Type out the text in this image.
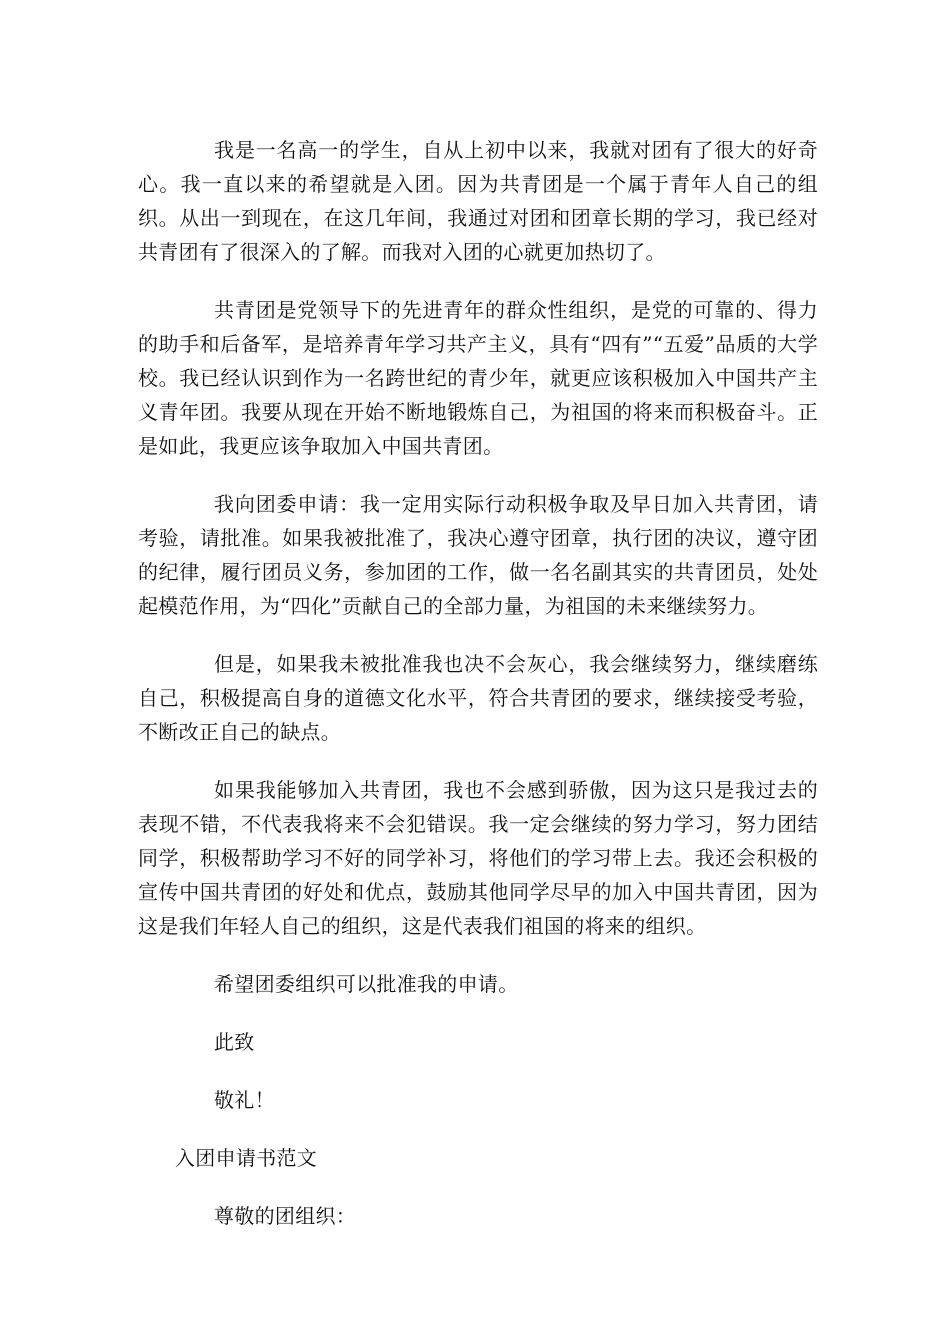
我是一名高一的学生，自从上初中以来，我就对团有了很大的好奇心。我一直以来的希望就是入团。因为共青团是一个属于青年人自己的组织。从出一到现在，在这几年间，我通过对团和团章长期的学习，我已经对共青团有了很深入的了解。而我对入团的心就更加热切了。

共青团是党领导下的先进青年的群众性组织，是党的可靠的、得力的助手和后备军，是培养青年学习共产主义，具有“四有”“五爱”品质的大学校。我已经认识到作为一名跨世纪的青少年，就更应该积极加入中国共产主义青年团。我要从现在开始不断地锻炼自己，为祖国的将来而积极奋斗。正是如此，我更应该争取加入中国共青团。

我向团委申请：我一定用实际行动积极争取及早日加入共青团，请考验，请批准。如果我被批准了，我决心遵守团章，执行团的决议，遵守团的纪律，履行团员义务，参加团的工作，做一名名副其实的共青团员，处处起模范作用，为“四化”贡献自己的全部力量，为祖国的未来继续努力。

但是，如果我未被批准我也决不会灰心，我会继续努力，继续磨练自己，积极提高自身的道德文化水平，符合共青团的要求，继续接受考验，不断改正自己的缺点。

如果我能够加入共青团，我也不会感到骄傲，因为这只是我过去的表现不错，不代表我将来不会犯错误。我一定会继续的努力学习，努力团结同学，积极帮助学习不好的同学补习，将他们的学习带上去。我还会积极的宣传中国共青团的好处和优点，鼓励其他同学尽早的加入中国共青团，因为这是我们年轻人自己的组织，这是代表我们祖国的将来的组织。

希望团委组织可以批准我的申请。

此致

敬礼！

入团申请书范文

尊敬的团组织：
